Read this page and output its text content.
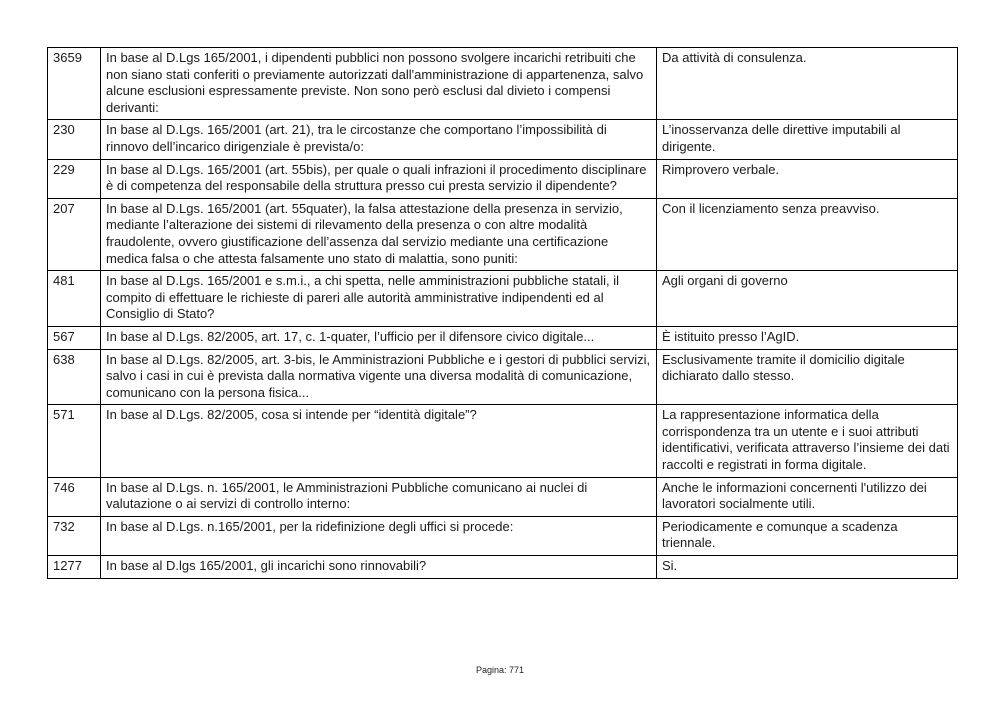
3659	In base al D.Lgs 165/2001, i dipendenti pubblici non possono svolgere incarichi retribuiti che non siano stati conferiti o previamente autorizzati dall'amministrazione di appartenenza, salvo alcune esclusioni espressamente previste. Non sono però esclusi dal divieto i compensi derivanti:	Da attività di consulenza.
230	In base al D.Lgs. 165/2001 (art. 21), tra le circostanze che comportano l’impossibilità di rinnovo dell’incarico dirigenziale è prevista/o:	L’inosservanza delle direttive imputabili al dirigente.
229	In base al D.Lgs. 165/2001 (art. 55bis), per quale o quali infrazioni il procedimento disciplinare è di competenza del responsabile della struttura presso cui presta servizio il dipendente?	Rimprovero verbale.
207	In base al D.Lgs. 165/2001 (art. 55quater), la falsa attestazione della presenza in servizio, mediante l’alterazione dei sistemi di rilevamento della presenza o con altre modalità fraudolente, ovvero giustificazione dell’assenza dal servizio mediante una certificazione medica falsa o che attesta falsamente uno stato di malattia, sono puniti:	Con il licenziamento senza preavviso.
481	In base al D.Lgs. 165/2001 e s.m.i., a chi spetta, nelle amministrazioni pubbliche statali, il compito di effettuare le richieste di pareri alle autorità amministrative indipendenti ed al Consiglio di Stato?	Agli organi di governo
567	In base al D.Lgs. 82/2005, art. 17, c. 1-quater, l’ufficio per il difensore civico digitale...	È istituito presso l’AgID.
638	In base al D.Lgs. 82/2005, art. 3-bis, le Amministrazioni Pubbliche e i gestori di pubblici servizi, salvo i casi in cui è prevista dalla normativa vigente una diversa modalità di comunicazione, comunicano con la persona fisica...	Esclusivamente tramite il domicilio digitale dichiarato dallo stesso.
571	In base al D.Lgs. 82/2005, cosa si intende per “identità digitale”?	La rappresentazione informatica della corrispondenza tra un utente e i suoi attributi identificativi, verificata attraverso l’insieme dei dati raccolti e registrati in forma digitale.
746	In base al D.Lgs. n. 165/2001, le Amministrazioni Pubbliche comunicano ai nuclei di valutazione o ai servizi di controllo interno:	Anche le informazioni concernenti l'utilizzo dei lavoratori socialmente utili.
732	In base al D.Lgs. n.165/2001, per la ridefinizione degli uffici si procede:	Periodicamente e comunque a scadenza triennale.
1277	In base al D.lgs 165/2001, gli incarichi sono rinnovabili?	Si.
Pagina: 771
